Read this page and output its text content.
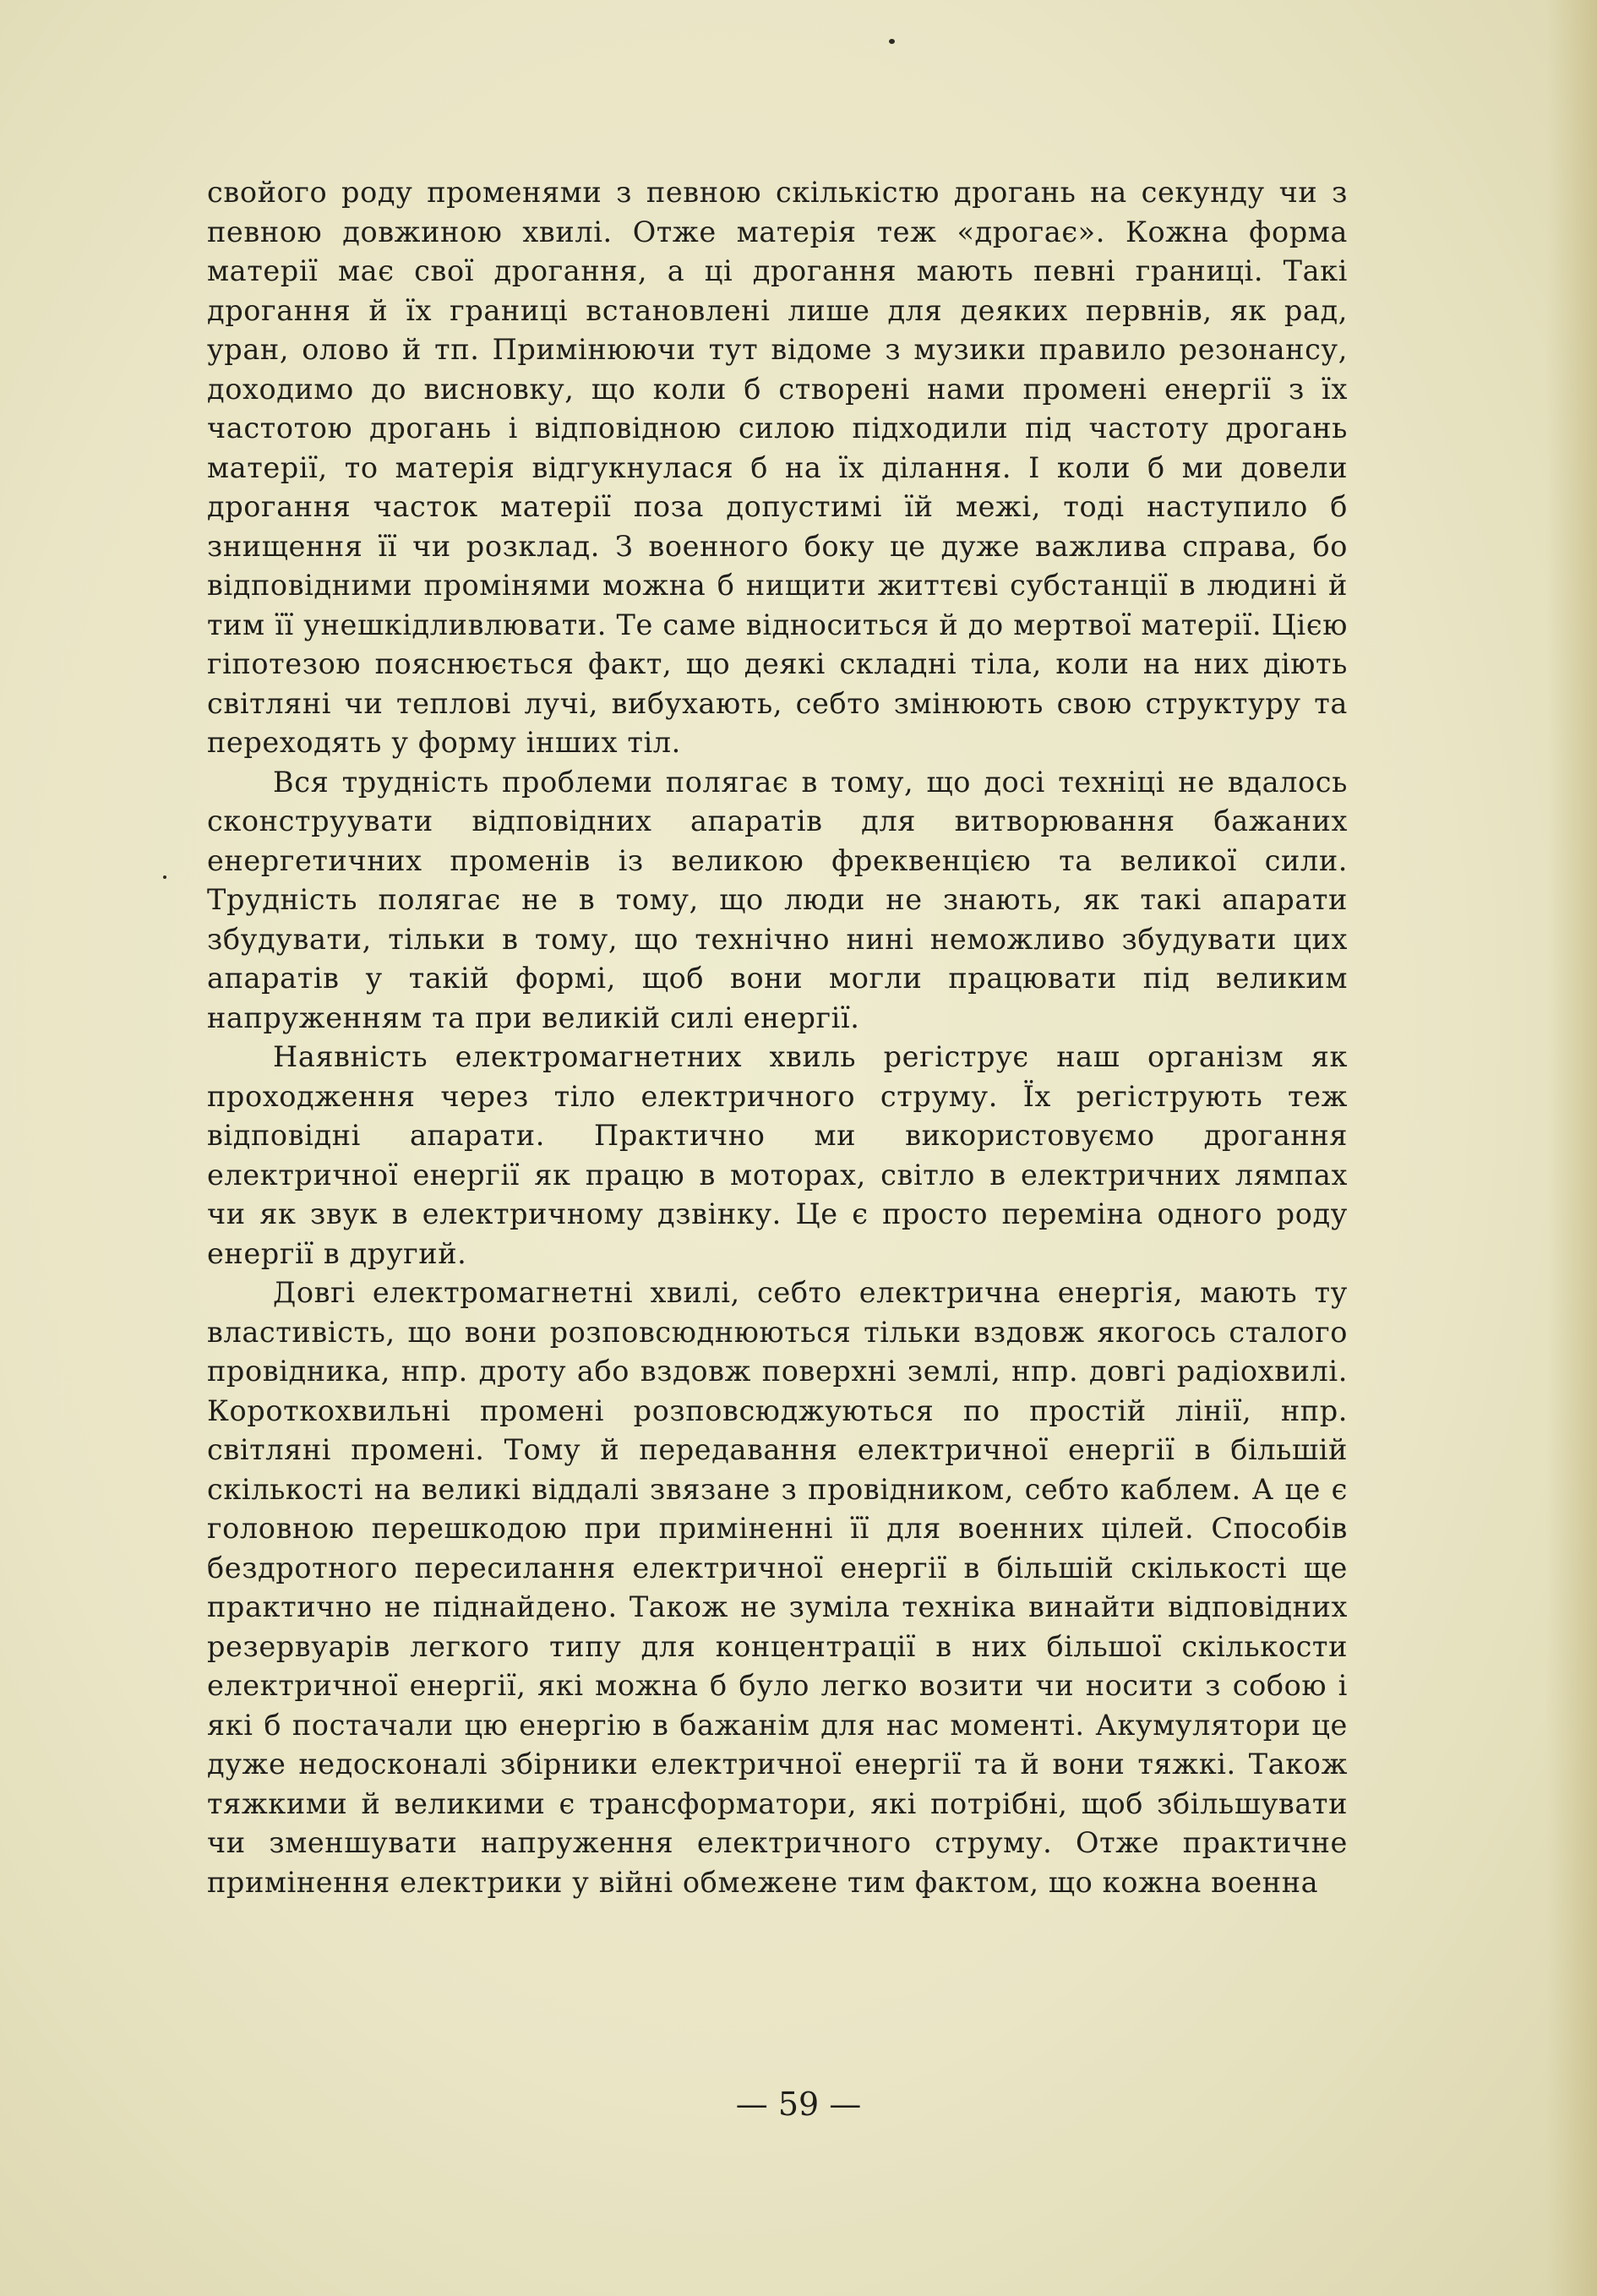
свойого роду променями з певною скількістю дрогань на секунду чи з певною довжиною хвилі. Отже матерія теж «дрогає». Кожна форма матерії має свої дрогання, а ці дрогання мають певні границі. Такі дрогання й їх границі встановлені лише для деяких первнів, як рад, уран, олово й тп. Примінюючи тут відоме з музики правило резонансу, доходимо до висновку, що коли б створені нами промені енергії з їх частотою дрогань і відповідною силою підходили під частоту дрогань матерії, то матерія відгукнулася б на їх ділання. І коли б ми довели дрогання часток матерії поза допустимі їй межі, тоді наступило б знищення її чи розклад. З военного боку це дуже важлива справа, бо відповідними промінями можна б нищити життєві субстанції в людині й тим її унешкідливлювати. Те саме відноситься й до мертвої матерії. Цією гіпотезою пояснюється факт, що деякі складні тіла, коли на них діють світляні чи теплові лучі, вибухають, себто змінюють свою структуру та переходять у форму інших тіл.

Вся трудність проблеми полягає в тому, що досі техніці не вдалось сконструувати відповідних апаратів для витворювання бажаних енергетичних променів із великою фреквенцією та великої сили. Трудність полягає не в тому, що люди не знають, як такі апарати збудувати, тільки в тому, що технічно нині неможливо збудувати цих апаратів у такій формі, щоб вони могли працювати під великим напруженням та при великій силі енергії.

Наявність електромагнетних хвиль регіструє наш організм як проходження через тіло електричного струму. Їх регіструють теж відповідні апарати. Практично ми використовуємо дрогання електричної енергії як працю в моторах, світло в електричних лямпах чи як звук в електричному дзвінку. Це є просто переміна одного роду енергії в другий.

Довгі електромагнетні хвилі, себто електрична енергія, мають ту властивість, що вони розповсюднюються тільки вздовж якогось сталого провідника, нпр. дроту або вздовж поверхні землі, нпр. довгі радіохвилі. Короткохвильні промені розповсюджуються по простій лінії, нпр. світляні промені. Тому й передавання електричної енергії в більшій скількості на великі віддалі звязане з провідником, себто каблем. А це є головною перешкодою при приміненні її для военних цілей. Способів бездротного пересилання електричної енергії в більшій скількості ще практично не піднайдено. Також не зуміла техніка винайти відповідних резервуарів легкого типу для концентрації в них більшої скількости електричної енергії, які можна б було легко возити чи носити з собою і які б постачали цю енергію в бажанім для нас моменті. Акумулятори це дуже недосконалі збірники електричної енергії та й вони тяжкі. Також тяжкими й великими є трансформатори, які потрібні, щоб збільшувати чи зменшувати напруження електричного струму. Отже практичне примінення електрики у війні обмежене тим фактом, що кожна военна

— 59 —
